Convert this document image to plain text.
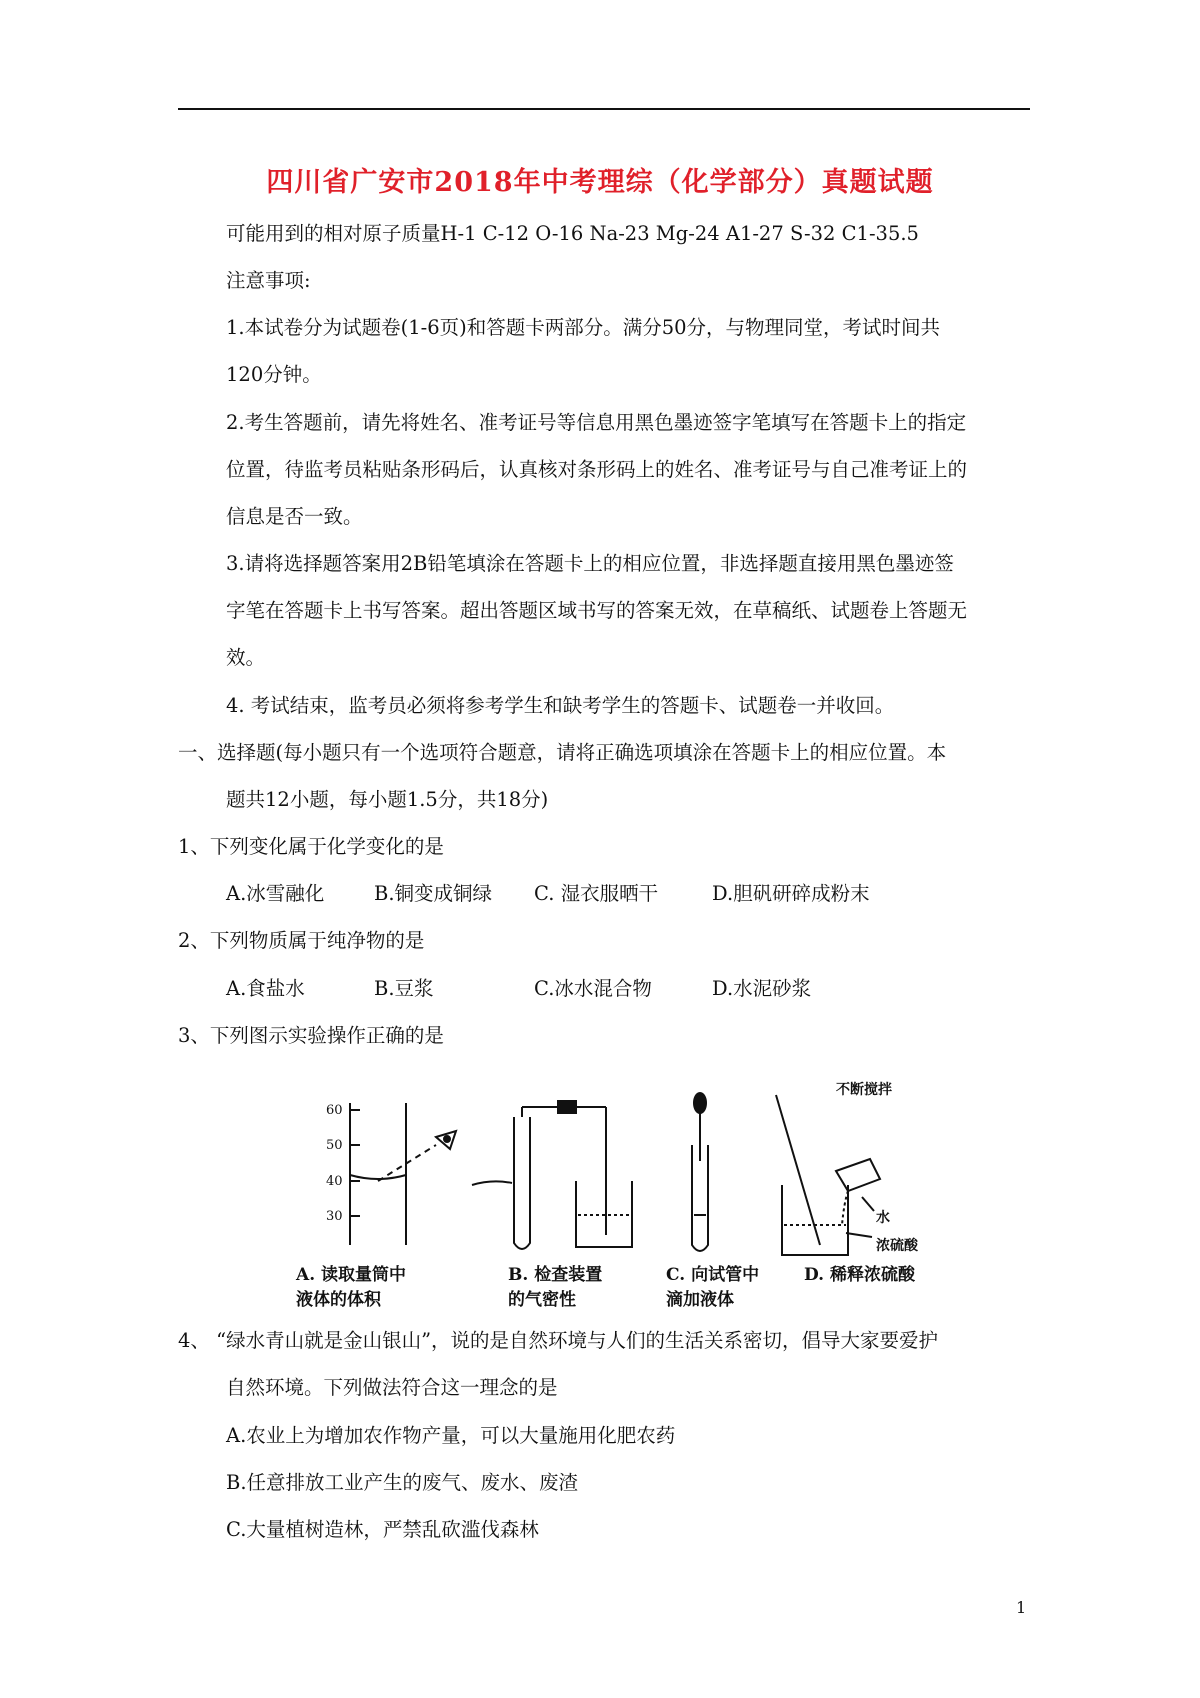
四川省广安市2018年中考理综（化学部分）真题试题
可能用到的相对原子质量H-1 C-12 O-16 Na-23 Mg-24 A1-27 S-32 C1-35.5
注意事项:
1.本试卷分为试题卷(1-6页)和答题卡两部分。满分50分，与物理同堂，考试时间共
120分钟。
2.考生答题前，请先将姓名、准考证号等信息用黑色墨迹签字笔填写在答题卡上的指定
位置，待监考员粘贴条形码后，认真核对条形码上的姓名、准考证号与自己准考证上的
信息是否一致。
3.请将选择题答案用2B铅笔填涂在答题卡上的相应位置，非选择题直接用黑色墨迹签
字笔在答题卡上书写答案。超出答题区域书写的答案无效，在草稿纸、试题卷上答题无
效。
4. 考试结束，监考员必须将参考学生和缺考学生的答题卡、试题卷一并收回。
一、选择题(每小题只有一个选项符合题意，请将正确选项填涂在答题卡上的相应位置。本
题共12小题，每小题1.5分，共18分)
1、下列变化属于化学变化的是
A.冰雪融化	B.铜变成铜绿 C. 湿衣服晒干	D.胆矾研碎成粉末
2、下列物质属于纯净物的是
A.食盐水	B.豆浆	C.冰水混合物	D.水泥砂浆
3、下列图示实验操作正确的是
60
50
40
30
不断搅拌
水
浓硫酸
A. 读取量筒中
液体的体积
B. 检查装置
的气密性
C. 向试管中
滴加液体
D. 稀释浓硫酸
4、 “绿水青山就是金山银山”，说的是自然环境与人们的生活关系密切，倡导大家要爱护
自然环境。下列做法符合这一理念的是
A.农业上为增加农作物产量，可以大量施用化肥农药
B.任意排放工业产生的废气、废水、废渣
C.大量植树造林，严禁乱砍滥伐森林
1
